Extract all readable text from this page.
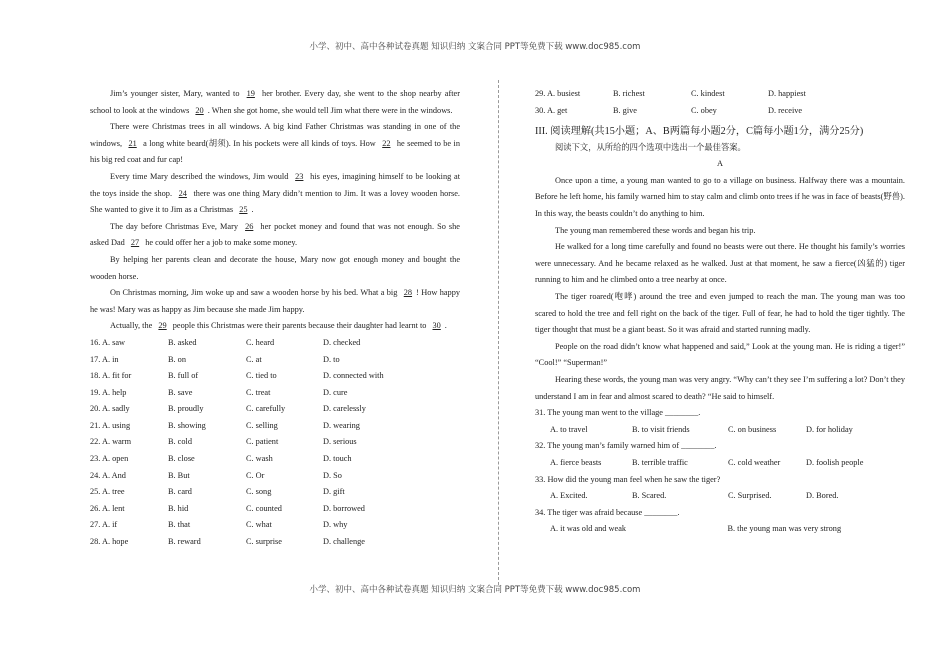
小学、初中、高中各种试卷真题 知识归纳 文案合同 PPT等免费下载 www.doc985.com

Jim’s younger sister, Mary, wanted to 19 her brother. Every day, she went to the shop nearby after school to look at the windows 20 . When she got home, she would tell Jim what there were in the windows.

There were Christmas trees in all windows. A big kind Father Christmas was standing in one of the windows, 21 a long white beard(胡须). In his pockets were all kinds of toys. How 22 he seemed to be in his big red coat and fur cap!

Every time Mary described the windows, Jim would 23 his eyes, imagining himself to be looking at the toys inside the shop. 24 there was one thing Mary didn’t mention to Jim. It was a lovey wooden horse. She wanted to give it to Jim as a Christmas 25 .

The day before Christmas Eve, Mary 26 her pocket money and found that was not enough. So she asked Dad 27 he could offer her a job to make some money.

By helping her parents clean and decorate the house, Mary now got enough money and bought the wooden horse.

On Christmas morning, Jim woke up and saw a wooden horse by his bed. What a big 28 ! How happy he was! Mary was as happy as Jim because she made Jim happy.

Actually, the 29 people this Christmas were their parents because their daughter had learnt to 30 .

16. A. saw	B. asked	C. heard	D. checked
17. A. in	B. on	C. at	D. to
18. A. fit for	B. full of	C. tied to	D. connected with
19. A. help	B. save	C. treat	D. cure
20. A. sadly	B. proudly	C. carefully	D. carelessly
21. A. using	B. showing	C. selling	D. wearing
22. A. warm	B. cold	C. patient	D. serious
23. A. open	B. close	C. wash	D. touch
24. A. And	B. But	C. Or	D. So
25. A. tree	B. card	C. song	D. gift
26. A. lent	B. hid	C. counted	D. borrowed
27. A. if	B. that	C. what	D. why
28. A. hope	B. reward	C. surprise	D. challenge
29. A. busiest	B. richest	C. kindest	D. happiest
30. A. get	B. give	C. obey	D. receive

III. 阅读理解(共15小题；A、B两篇每小题2分，C篇每小题1分，满分25分)

阅读下文，从所给的四个选项中选出一个最佳答案。

A

Once upon a time, a young man wanted to go to a village on business. Halfway there was a mountain. Before he left home, his family warned him to stay calm and climb onto trees if he was in face of beasts(野兽). In this way, the beasts couldn’t do anything to him.

The young man remembered these words and began his trip.

He walked for a long time carefully and found no beasts were out there. He thought his family’s worries were unnecessary. And he became relaxed as he walked. Just at that moment, he saw a fierce(凶猛的) tiger running to him and he climbed onto a tree nearby at once.

The tiger roared(咆哮) around the tree and even jumped to reach the man. The young man was too scared to hold the tree and fell right on the back of the tiger. Full of fear, he had to hold the tiger tightly. The tiger thought that must be a giant beast. So it was afraid and started running madly.

People on the road didn’t know what happened and said,” Look at the young man. He is riding a tiger!” “Cool!” “Superman!”

Hearing these words, the young man was very angry. “Why can’t they see I’m suffering a lot? Don’t they understand I am in fear and almost scared to death? “He said to himself.

31. The young man went to the village ________.

A. to travel	B. to visit friends	C. on business	D. for holiday

32. The young man’s family warned him of ________.

A. fierce beasts	B. terrible traffic	C. cold weather	D. foolish people

33. How did the young man feel when he saw the tiger?

A. Excited.	B. Scared.	C. Surprised.	D. Bored.

34. The tiger was afraid because ________.

A. it was old and weak	B. the young man was very strong
小学、初中、高中各种试卷真题 知识归纳 文案合同 PPT等免费下载 www.doc985.com
